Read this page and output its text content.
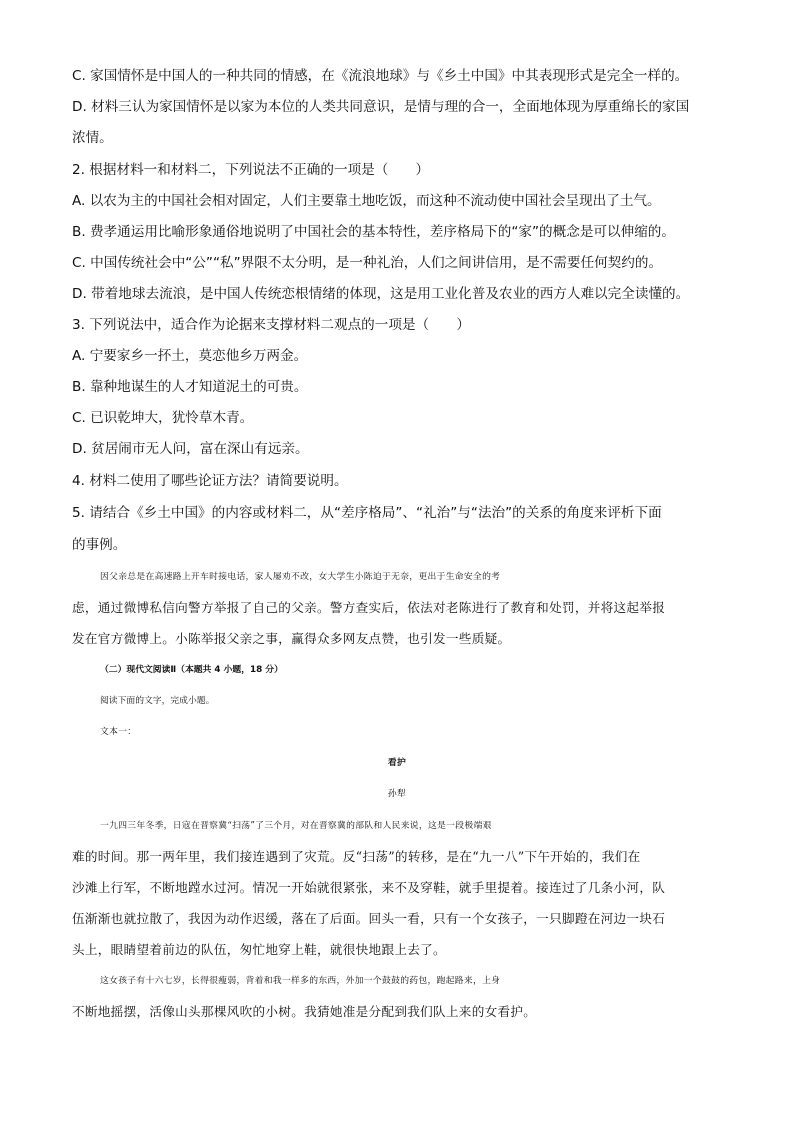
C. 家国情怀是中国人的一种共同的情感，在《流浪地球》与《乡土中国》中其表现形式是完全一样的。
D. 材料三认为家国情怀是以家为本位的人类共同意识，是情与理的合一，全面地体现为厚重绵长的家国
浓情。
2. 根据材料一和材料二，下列说法不正确的一项是（　　）
A. 以农为主的中国社会相对固定，人们主要靠土地吃饭，而这种不流动使中国社会呈现出了土气。
B. 费孝通运用比喻形象通俗地说明了中国社会的基本特性，差序格局下的“家”的概念是可以伸缩的。
C. 中国传统社会中“公”“私”界限不太分明，是一种礼治，人们之间讲信用，是不需要任何契约的。
D. 带着地球去流浪，是中国人传统恋根情绪的体现，这是用工业化普及农业的西方人难以完全读懂的。
3. 下列说法中，适合作为论据来支撑材料二观点的一项是（　　）
A. 宁要家乡一抔土，莫恋他乡万两金。
B. 靠种地谋生的人才知道泥土的可贵。
C. 已识乾坤大，犹怜草木青。
D. 贫居闹市无人问，富在深山有远亲。
4. 材料二使用了哪些论证方法？请简要说明。
5. 请结合《乡土中国》的内容或材料二，从“差序格局”、“礼治”与“法治”的关系的角度来评析下面
的事例。
因父亲总是在高速路上开车时接电话，家人屡劝不改，女大学生小陈迫于无奈，更出于生命安全的考
虑，通过微博私信向警方举报了自己的父亲。警方查实后，依法对老陈进行了教育和处罚，并将这起举报
发在官方微博上。小陈举报父亲之事，赢得众多网友点赞，也引发一些质疑。
（二）现代文阅读Ⅱ（本题共 4 小题，18 分）
阅读下面的文字，完成小题。
文本一：
看护
孙犁
一九四三年冬季，日寇在晋察冀“扫荡”了三个月，对在晋察冀的部队和人民来说，这是一段极端艰
难的时间。那一两年里，我们接连遇到了灾荒。反“扫荡”的转移，是在“九一八”下午开始的，我们在
沙滩上行军，不断地蹚水过河。情况一开始就很紧张，来不及穿鞋，就手里提着。接连过了几条小河，队
伍渐渐也就拉散了，我因为动作迟缓，落在了后面。回头一看，只有一个女孩子，一只脚蹬在河边一块石
头上，眼睛望着前边的队伍，匆忙地穿上鞋，就很快地跟上去了。
这女孩子有十六七岁，长得很瘦弱，背着和我一样多的东西，外加一个鼓鼓的药包，跑起路来，上身
不断地摇摆，活像山头那棵风吹的小树。我猜她准是分配到我们队上来的女看护。
